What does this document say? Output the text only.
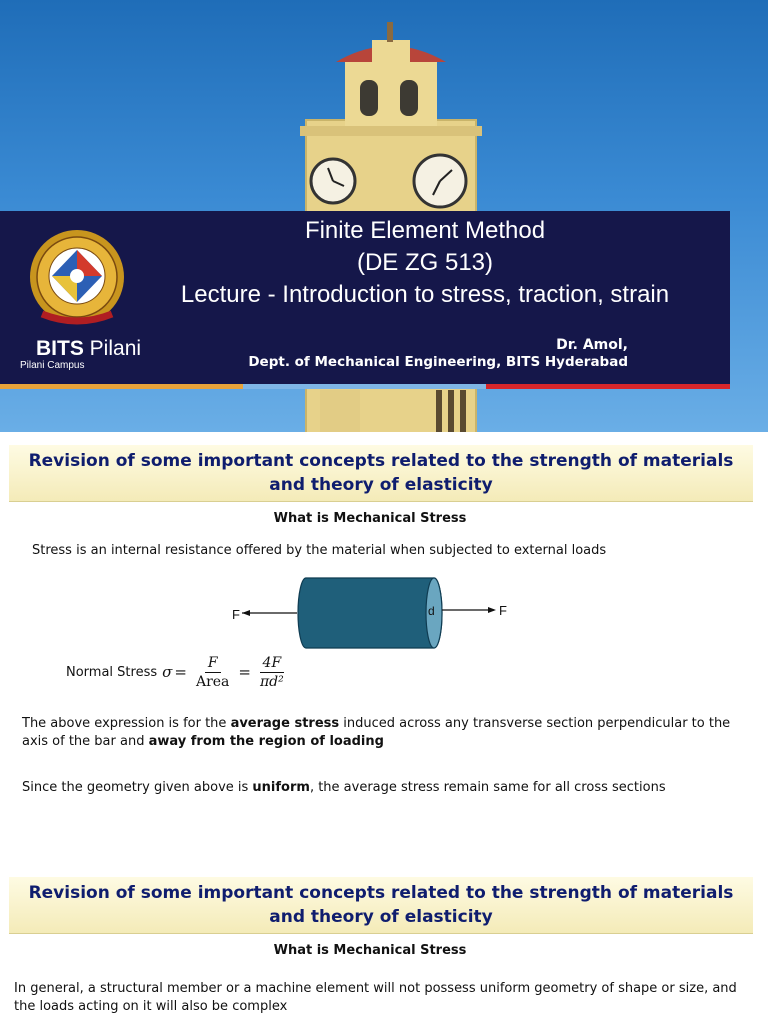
Finite Element Method
(DE ZG 513)
Lecture - Introduction to stress, traction, strain
Dr. Amol,
Dept. of Mechanical Engineering, BITS Hyderabad
BITS Pilani
Pilani Campus
Revision of some important concepts related to the strength of materials and theory of elasticity
What is Mechanical Stress
Stress is an internal resistance offered by the material when subjected to external loads
F	d	F
Normal Stress $\sigma = \frac{F}{\text{Area}} = \frac{4F}{\text{πd²}}$
The above expression is for the average stress induced across any transverse section perpendicular to the axis of the bar and away from the region of loading
Since the geometry given above is uniform, the average stress remain same for all cross sections
Revision of some important concepts related to the strength of materials and theory of elasticity
What is Mechanical Stress
In general, a structural member or a machine element will not possess uniform geometry of shape or size, and the loads acting on it will also be complex
